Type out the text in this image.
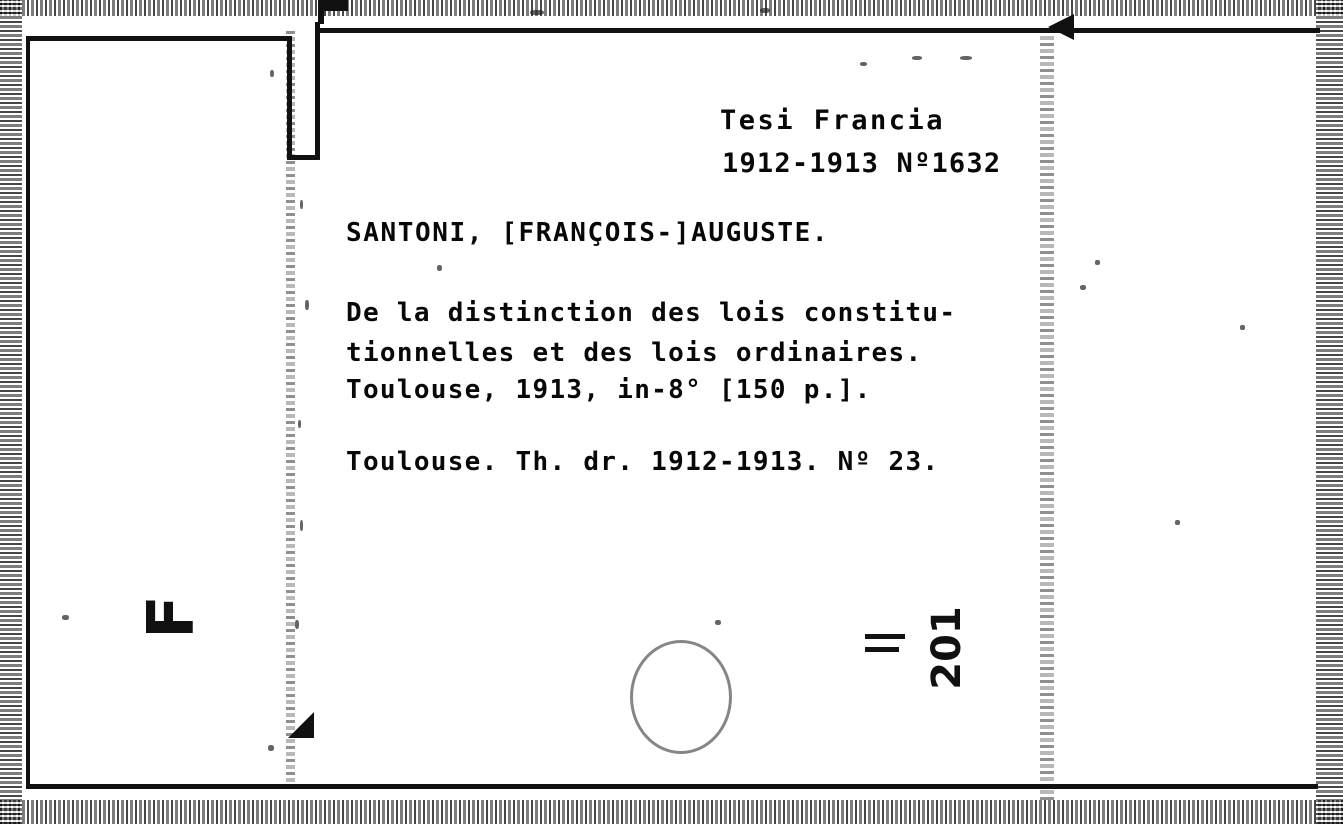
Tesi Francia
1912-1913 Nº1632
SANTONI, [FRANÇOIS-]AUGUSTE.
De la distinction des lois constitu-
tionnelles et des lois ordinaires.
Toulouse, 1913, in-8° [150 p.].
Toulouse. Th. dr. 1912-1913. Nº 23.
F	201
